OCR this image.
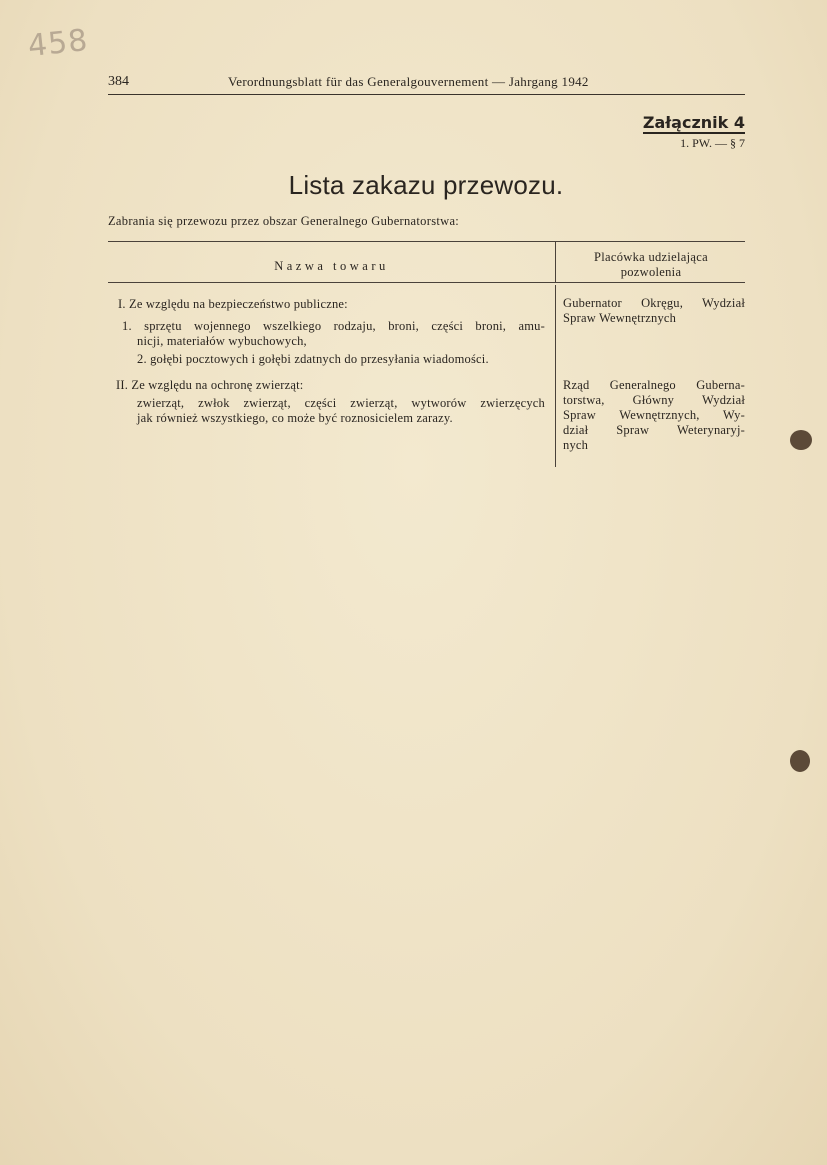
458
384	Verordnungsblatt für das Generalgouvernement — Jahrgang 1942
Załącznik 4
1. PW. — § 7
Lista zakazu przewozu.
Zabrania się przewozu przez obszar Generalnego Gubernatorstwa:
Nazwa towaru
Placówka udzielająca
pozwolenia
I. Ze względu na bezpieczeństwo publiczne:
1. sprzętu wojennego wszelkiego rodzaju, broni, części broni, amu-
nicji, materiałów wybuchowych,
2. gołębi pocztowych i gołębi zdatnych do przesyłania wiadomości.
Gubernator Okręgu, Wydział
Spraw Wewnętrznych
II. Ze względu na ochronę zwierząt:
zwierząt, zwłok zwierząt, części zwierząt, wytworów zwierzęcych
jak również wszystkiego, co może być roznosicielem zarazy.
Rząd Generalnego Guberna-
torstwa, Główny Wydział
Spraw Wewnętrznych, Wy-
dział Spraw Weterynaryj-
nych
